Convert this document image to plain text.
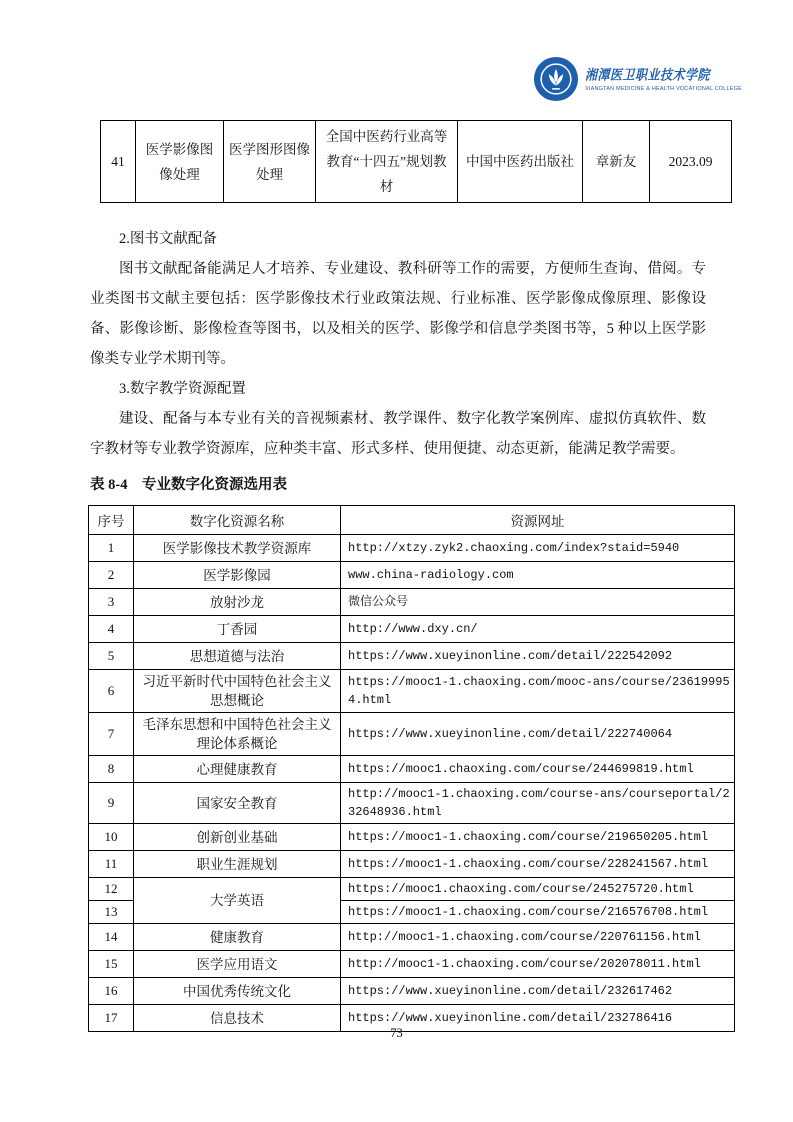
湘潭医卫职业技术学院
XIANGTAN MEDICINE & HEALTH VOCATIONAL COLLEGE
41	医学影像图像处理	医学图形图像处理	全国中医药行业高等教育“十四五”规划教材	中国中医药出版社	章新友	2023.09

2.图书文献配备

图书文献配备能满足人才培养、专业建设、教科研等工作的需要，方便师生查询、借阅。专业类图书文献主要包括：医学影像技术行业政策法规、行业标准、医学影像成像原理、影像设备、影像诊断、影像检查等图书，以及相关的医学、影像学和信息学类图书等，5 种以上医学影像类专业学术期刊等。

3.数字教学资源配置

建设、配备与本专业有关的音视频素材、教学课件、数字化教学案例库、虚拟仿真软件、数字教材等专业教学资源库，应种类丰富、形式多样、使用便捷、动态更新，能满足教学需要。

表 8-4　专业数字化资源选用表

序号	数字化资源名称	资源网址
1	医学影像技术教学资源库	http://xtzy.zyk2.chaoxing.com/index?staid=5940
2	医学影像园	www.china-radiology.com
3	放射沙龙	微信公众号
4	丁香园	http://www.dxy.cn/
5	思想道德与法治	https://www.xueyinonline.com/detail/222542092
6	习近平新时代中国特色社会主义思想概论	https://mooc1-1.chaoxing.com/mooc-ans/course/236199954.html
7	毛泽东思想和中国特色社会主义理论体系概论	https://www.xueyinonline.com/detail/222740064
8	心理健康教育	https://mooc1.chaoxing.com/course/244699819.html
9	国家安全教育	http://mooc1-1.chaoxing.com/course-ans/courseportal/232648936.html
10	创新创业基础	https://mooc1-1.chaoxing.com/course/219650205.html
11	职业生涯规划	https://mooc1-1.chaoxing.com/course/228241567.html
12	大学英语	https://mooc1.chaoxing.com/course/245275720.html
13		https://mooc1-1.chaoxing.com/course/216576708.html
14	健康教育	http://mooc1-1.chaoxing.com/course/220761156.html
15	医学应用语文	http://mooc1-1.chaoxing.com/course/202078011.html
16	中国优秀传统文化	https://www.xueyinonline.com/detail/232617462
17	信息技术	https://www.xueyinonline.com/detail/232786416
73
